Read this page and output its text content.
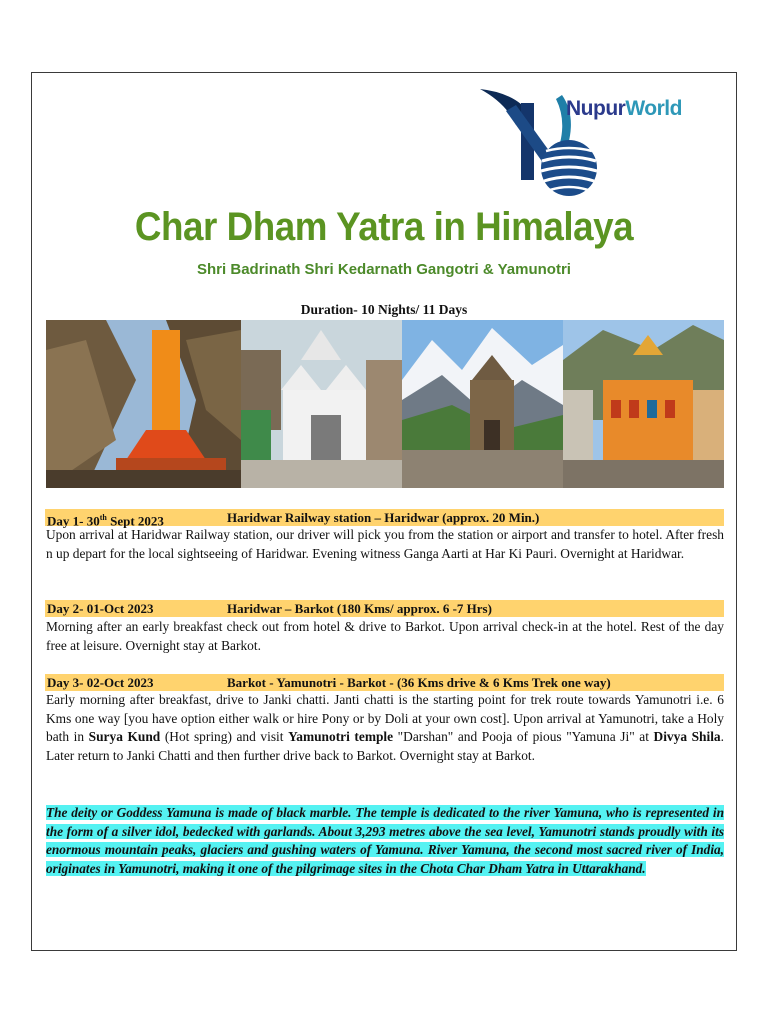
NupurWorld
Char Dham Yatra in Himalaya
Shri Badrinath Shri Kedarnath Gangotri & Yamunotri
Duration- 10 Nights/ 11 Days
Day 1- 30th Sept 2023	Haridwar Railway station – Haridwar (approx. 20 Min.)
Upon arrival at Haridwar Railway station, our driver will pick you from the station or airport and transfer to hotel. After fresh n up depart for the local sightseeing of Haridwar. Evening witness Ganga Aarti at Har Ki Pauri. Overnight at Haridwar.
Day 2- 01-Oct 2023	Haridwar – Barkot (180 Kms/ approx. 6 -7 Hrs)
Morning after an early breakfast check out from hotel & drive to Barkot. Upon arrival check-in at the hotel. Rest of the day free at leisure. Overnight stay at Barkot.
Day 3- 02-Oct 2023	Barkot - Yamunotri - Barkot - (36 Kms drive & 6 Kms Trek one way)
Early morning after breakfast, drive to Janki chatti. Janti chatti is the starting point for trek route towards Yamunotri i.e. 6 Kms one way [you have option either walk or hire Pony or by Doli at your own cost]. Upon arrival at Yamunotri, take a Holy bath in Surya Kund (Hot spring) and visit Yamunotri temple "Darshan" and Pooja of pious "Yamuna Ji" at Divya Shila. Later return to Janki Chatti and then further drive back to Barkot. Overnight stay at Barkot.
The deity or Goddess Yamuna is made of black marble. The temple is dedicated to the river Yamuna, who is represented in the form of a silver idol, bedecked with garlands. About 3,293 metres above the sea level, Yamunotri stands proudly with its enormous mountain peaks, glaciers and gushing waters of Yamuna. River Yamuna, the second most sacred river of India, originates in Yamunotri, making it one of the pilgrimage sites in the Chota Char Dham Yatra in Uttarakhand.
